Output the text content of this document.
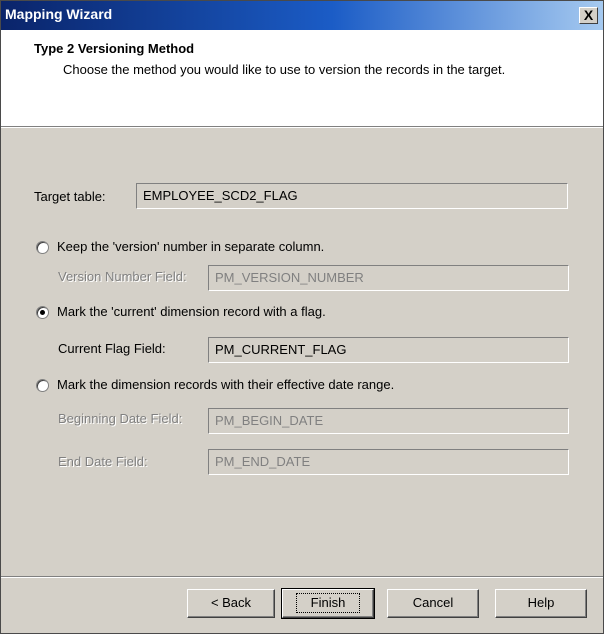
Mapping Wizard	X
Type 2 Versioning Method
Choose the method you would like to use to version the records in the target.
Target table:	EMPLOYEE_SCD2_FLAG
Keep the 'version' number in separate column.
Version Number Field:	PM_VERSION_NUMBER
Mark the 'current' dimension record with a flag.
Current Flag Field:	PM_CURRENT_FLAG
Mark the dimension records with their effective date range.
Beginning Date Field:	PM_BEGIN_DATE
End Date Field:	PM_END_DATE
< Back	Finish	Cancel	Help
